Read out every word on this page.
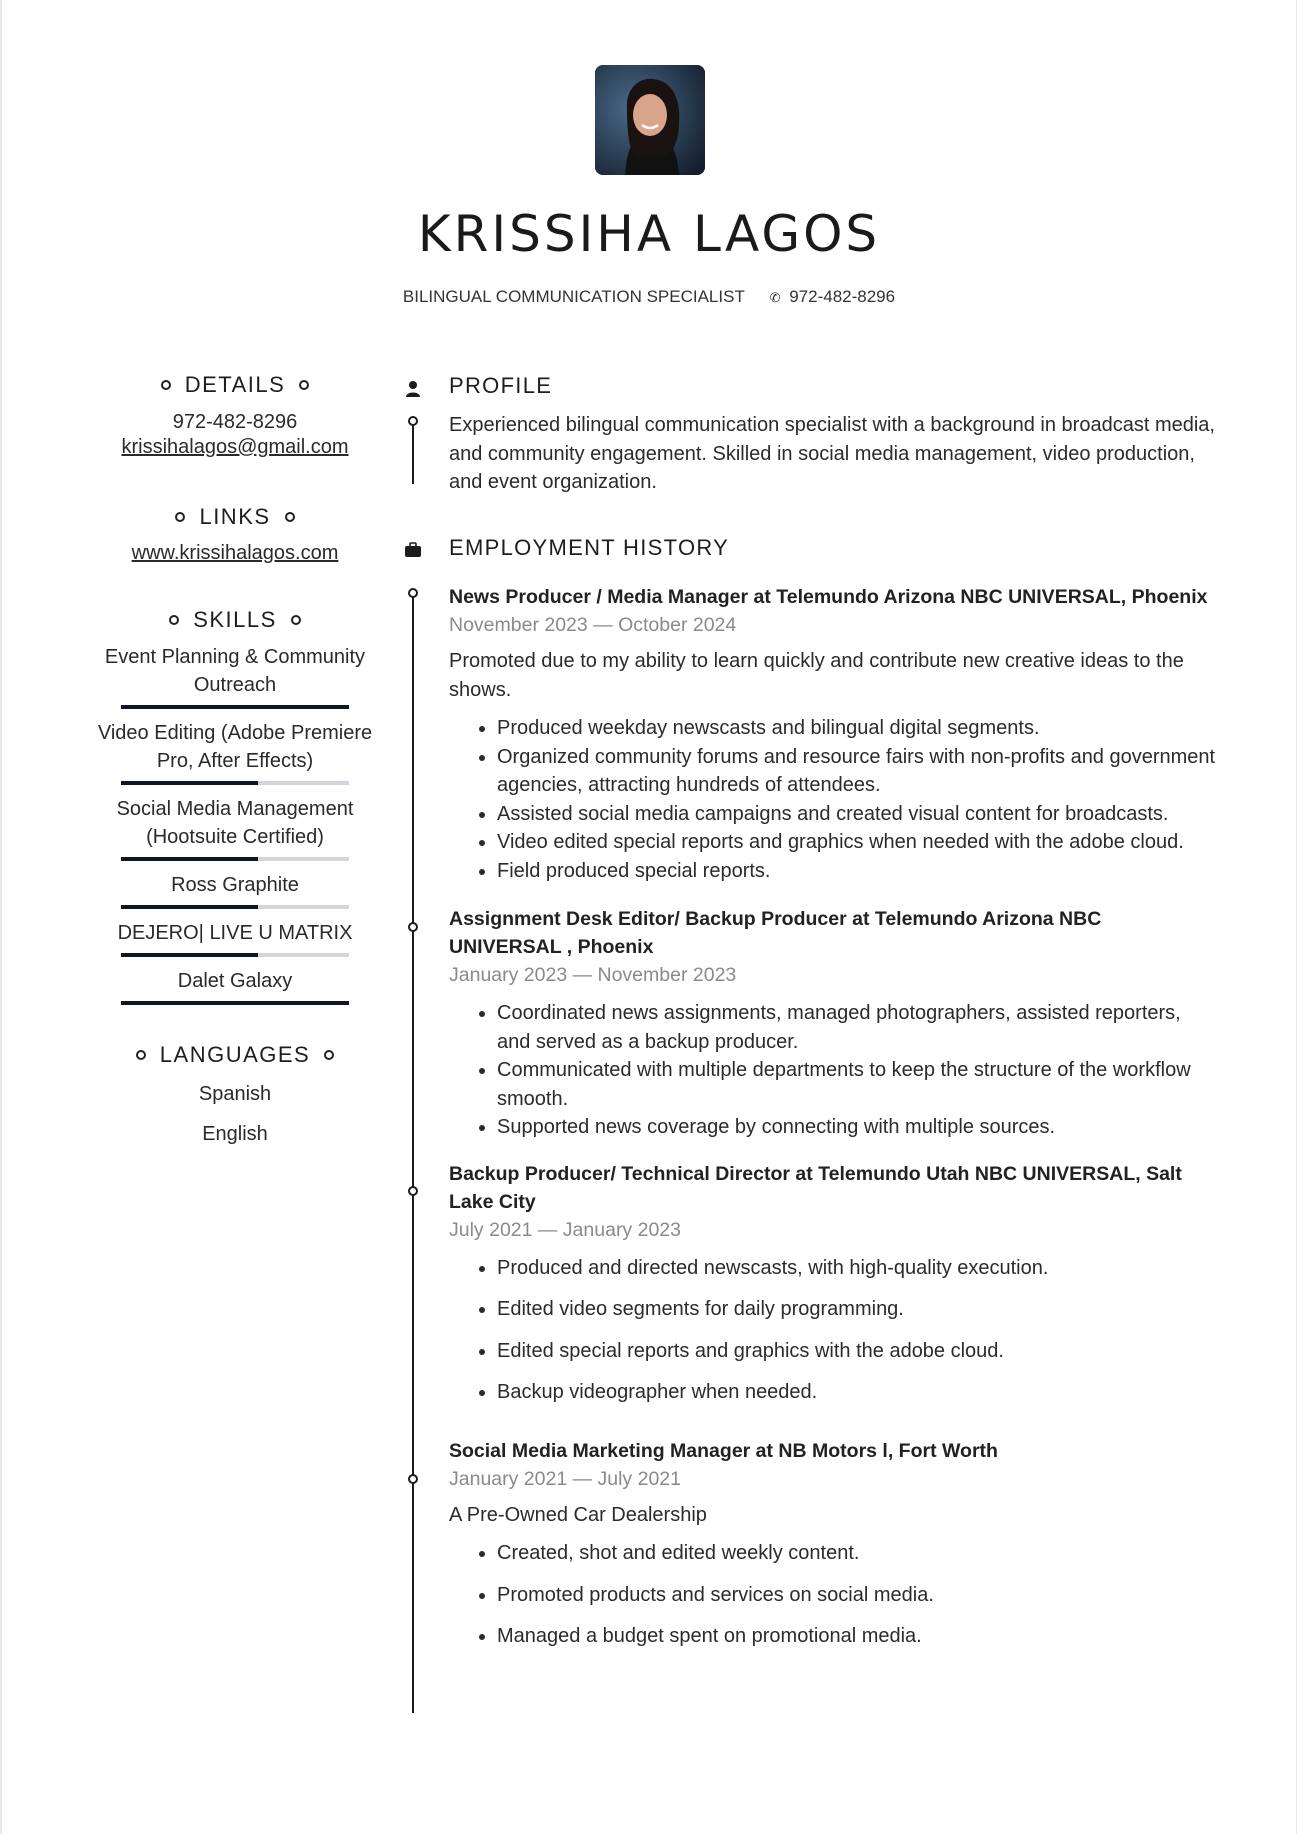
KRISSIHA LAGOS
BILINGUAL COMMUNICATION SPECIALIST ✆ 972-482-8296
DETAILS
972-482-8296
krissihalagos@gmail.com
LINKS
www.krissihalagos.com
SKILLS
Event Planning & Community Outreach
Video Editing (Adobe Premiere Pro, After Effects)
Social Media Management (Hootsuite Certified)
Ross Graphite
DEJERO| LIVE U MATRIX
Dalet Galaxy
LANGUAGES
Spanish
English
PROFILE
Experienced bilingual communication specialist with a background in broadcast media, and community engagement. Skilled in social media management, video production, and event organization.
EMPLOYMENT HISTORY
News Producer / Media Manager at Telemundo Arizona NBC UNIVERSAL, Phoenix
November 2023 — October 2024
Promoted due to my ability to learn quickly and contribute new creative ideas to the shows.
• Produced weekday newscasts and bilingual digital segments.
• Organized community forums and resource fairs with non-profits and government agencies, attracting hundreds of attendees.
• Assisted social media campaigns and created visual content for broadcasts.
• Video edited special reports and graphics when needed with the adobe cloud.
• Field produced special reports.
Assignment Desk Editor/ Backup Producer at Telemundo Arizona NBC UNIVERSAL , Phoenix
January 2023 — November 2023
• Coordinated news assignments, managed photographers, assisted reporters, and served as a backup producer.
• Communicated with multiple departments to keep the structure of the workflow smooth.
• Supported news coverage by connecting with multiple sources.
Backup Producer/ Technical Director at Telemundo Utah NBC UNIVERSAL, Salt Lake City
July 2021 — January 2023
• Produced and directed newscasts, with high-quality execution.
• Edited video segments for daily programming.
• Edited special reports and graphics with the adobe cloud.
• Backup videographer when needed.
Social Media Marketing Manager at NB Motors l, Fort Worth
January 2021 — July 2021
A Pre-Owned Car Dealership
• Created, shot and edited weekly content.
• Promoted products and services on social media.
• Managed a budget spent on promotional media.
